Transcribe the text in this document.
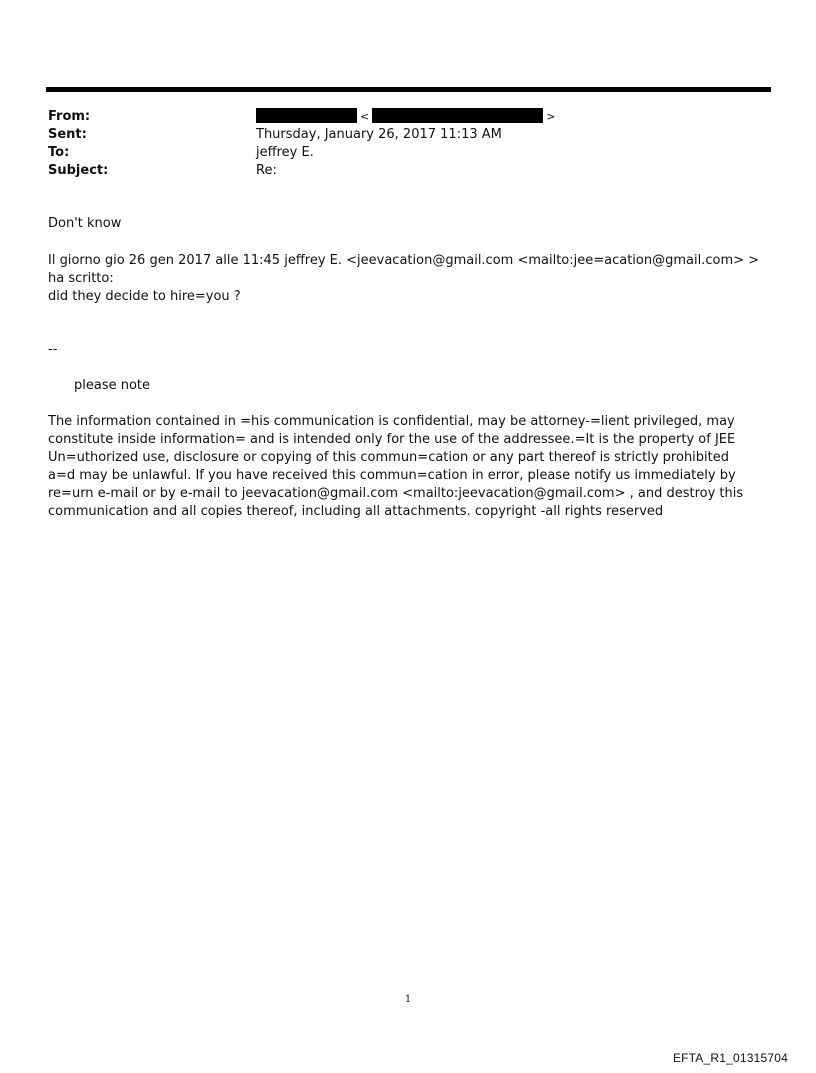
From:	<	>
Sent:	Thursday, January 26, 2017 11:13 AM
To:	jeffrey E.
Subject:	Re:

Don't know

Il giorno gio 26 gen 2017 alle 11:45 jeffrey E. <jeevacation@gmail.com <mailto:jee=acation@gmail.com> > ha scritto:

did they decide to hire=you ?

--

please note

The information contained in =his communication is confidential, may be attorney-=lient privileged, may constitute inside information= and is intended only for the use of the addressee.=It is the property of JEE Un=uthorized use, disclosure or copying of this commun=cation or any part thereof is strictly prohibited a=d may be unlawful. If you have received this commun=cation in error, please notify us immediately by re=urn e-mail or by e-mail to jeevacation@gmail.com <mailto:jeevacation@gmail.com> , and destroy this communication and all copies thereof, including all attachments. copyright -all rights reserved

1
EFTA_R1_01315704
